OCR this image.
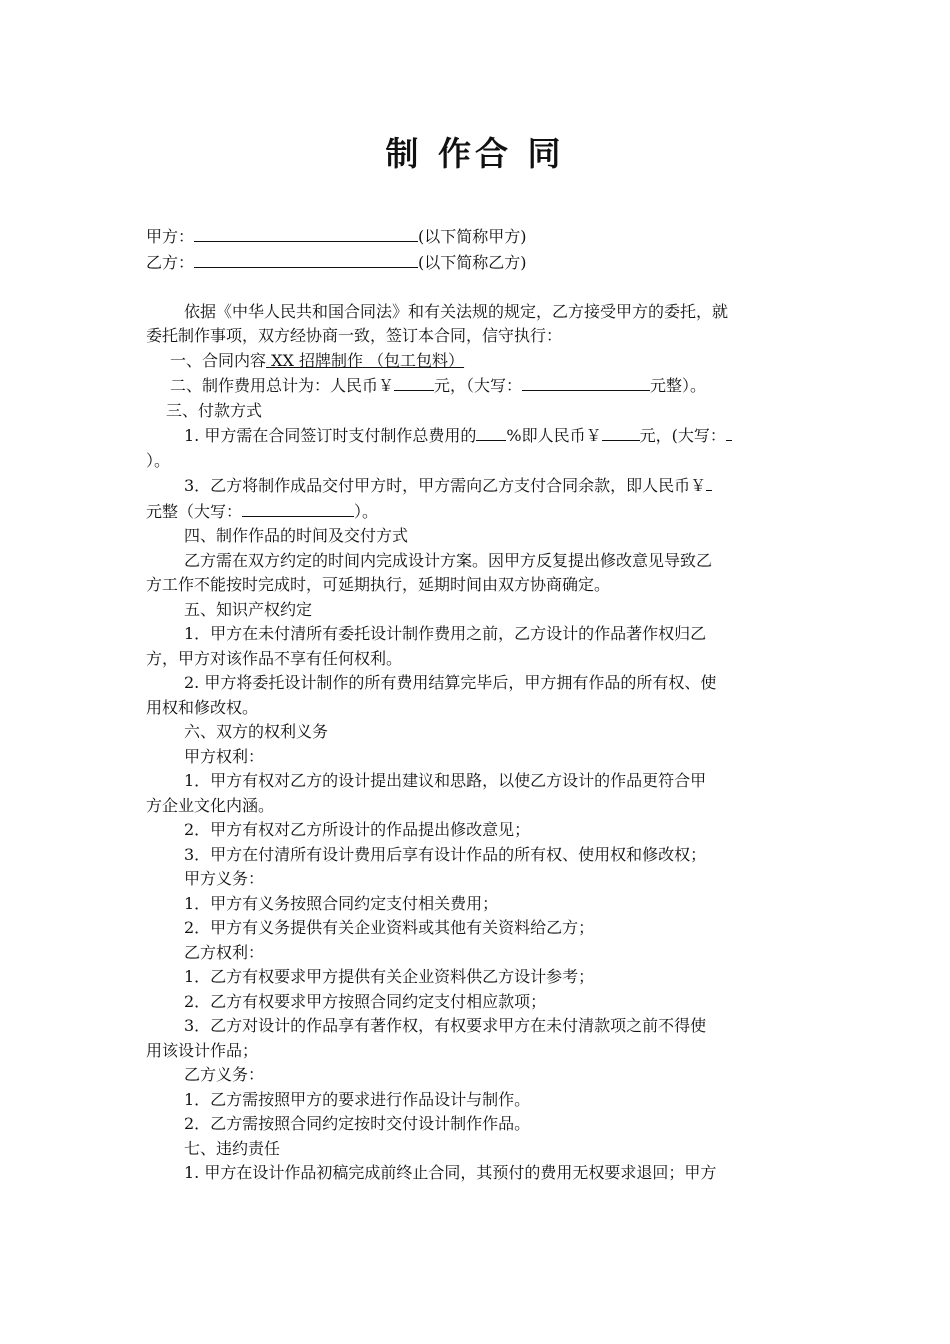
制 作合 同
甲方：	(以下简称甲方)
乙方：	(以下简称乙方)
依据《中华人民共和国合同法》和有关法规的规定，乙方接受甲方的委托，就
委托制作事项，双方经协商一致，签订本合同，信守执行：
一、合同内容 XX 招牌制作 （包工包料）
二、制作费用总计为：人民币￥	元，（大写：	元整）。
三、付款方式
1. 甲方需在合同签订时支付制作总费用的 %即人民币￥ 元，(大写：
）。
3．乙方将制作成品交付甲方时，甲方需向乙方支付合同余款，即人民币￥
元整（大写：	）。
四、制作作品的时间及交付方式
乙方需在双方约定的时间内完成设计方案。因甲方反复提出修改意见导致乙
方工作不能按时完成时，可延期执行，延期时间由双方协商确定。
五、知识产权约定
1．甲方在未付清所有委托设计制作费用之前，乙方设计的作品著作权归乙
方，甲方对该作品不享有任何权利。
2. 甲方将委托设计制作的所有费用结算完毕后，甲方拥有作品的所有权、使
用权和修改权。
六、双方的权利义务
甲方权利：
1．甲方有权对乙方的设计提出建议和思路，以使乙方设计的作品更符合甲
方企业文化内涵。
2．甲方有权对乙方所设计的作品提出修改意见；
3．甲方在付清所有设计费用后享有设计作品的所有权、使用权和修改权；
甲方义务：
1．甲方有义务按照合同约定支付相关费用；
2．甲方有义务提供有关企业资料或其他有关资料给乙方；
乙方权利：
1．乙方有权要求甲方提供有关企业资料供乙方设计参考；
2．乙方有权要求甲方按照合同约定支付相应款项；
3．乙方对设计的作品享有著作权，有权要求甲方在未付清款项之前不得使
用该设计作品；
乙方义务：
1．乙方需按照甲方的要求进行作品设计与制作。
2．乙方需按照合同约定按时交付设计制作作品。
七、违约责任
1. 甲方在设计作品初稿完成前终止合同，其预付的费用无权要求退回；甲方
